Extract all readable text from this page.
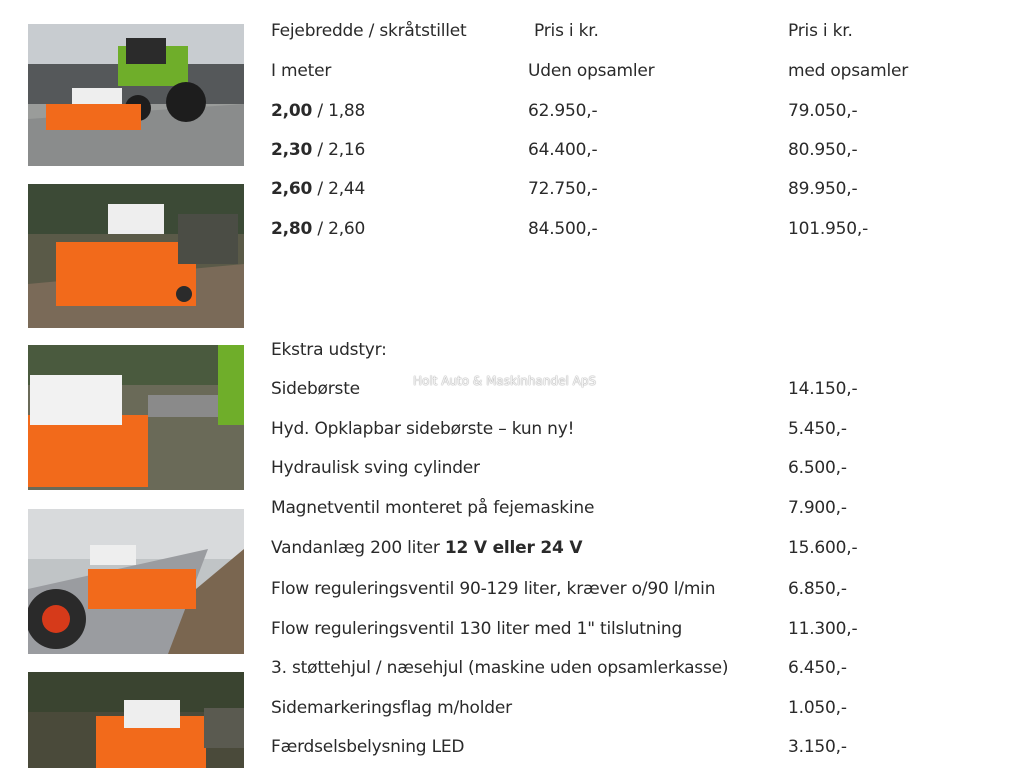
Fejebredde / skråtstillet	Pris i kr.	Pris i kr.
I meter	Uden opsamler	med opsamler
2,00 / 1,88	62.950,-	79.050,-
2,30 / 2,16	64.400,-	80.950,-
2,60 / 2,44	72.750,-	89.950,-
2,80 / 2,60	84.500,-	101.950,-
Ekstra udstyr:
Sidebørste	14.150,-
Hyd. Opklapbar sidebørste – kun ny!	5.450,-
Hydraulisk sving cylinder	6.500,-
Magnetventil monteret på fejemaskine	7.900,-
Vandanlæg 200 liter 12 V eller 24 V	15.600,-
Flow reguleringsventil 90-129 liter, kræver o/90 l/min	6.850,-
Flow reguleringsventil 130 liter med 1" tilslutning	11.300,-
3. støttehjul / næsehjul (maskine uden opsamlerkasse)	6.450,-
Sidemarkeringsflag m/holder	1.050,-
Færdselsbelysning LED	3.150,-
Holt Auto & Maskinhandel ApS
